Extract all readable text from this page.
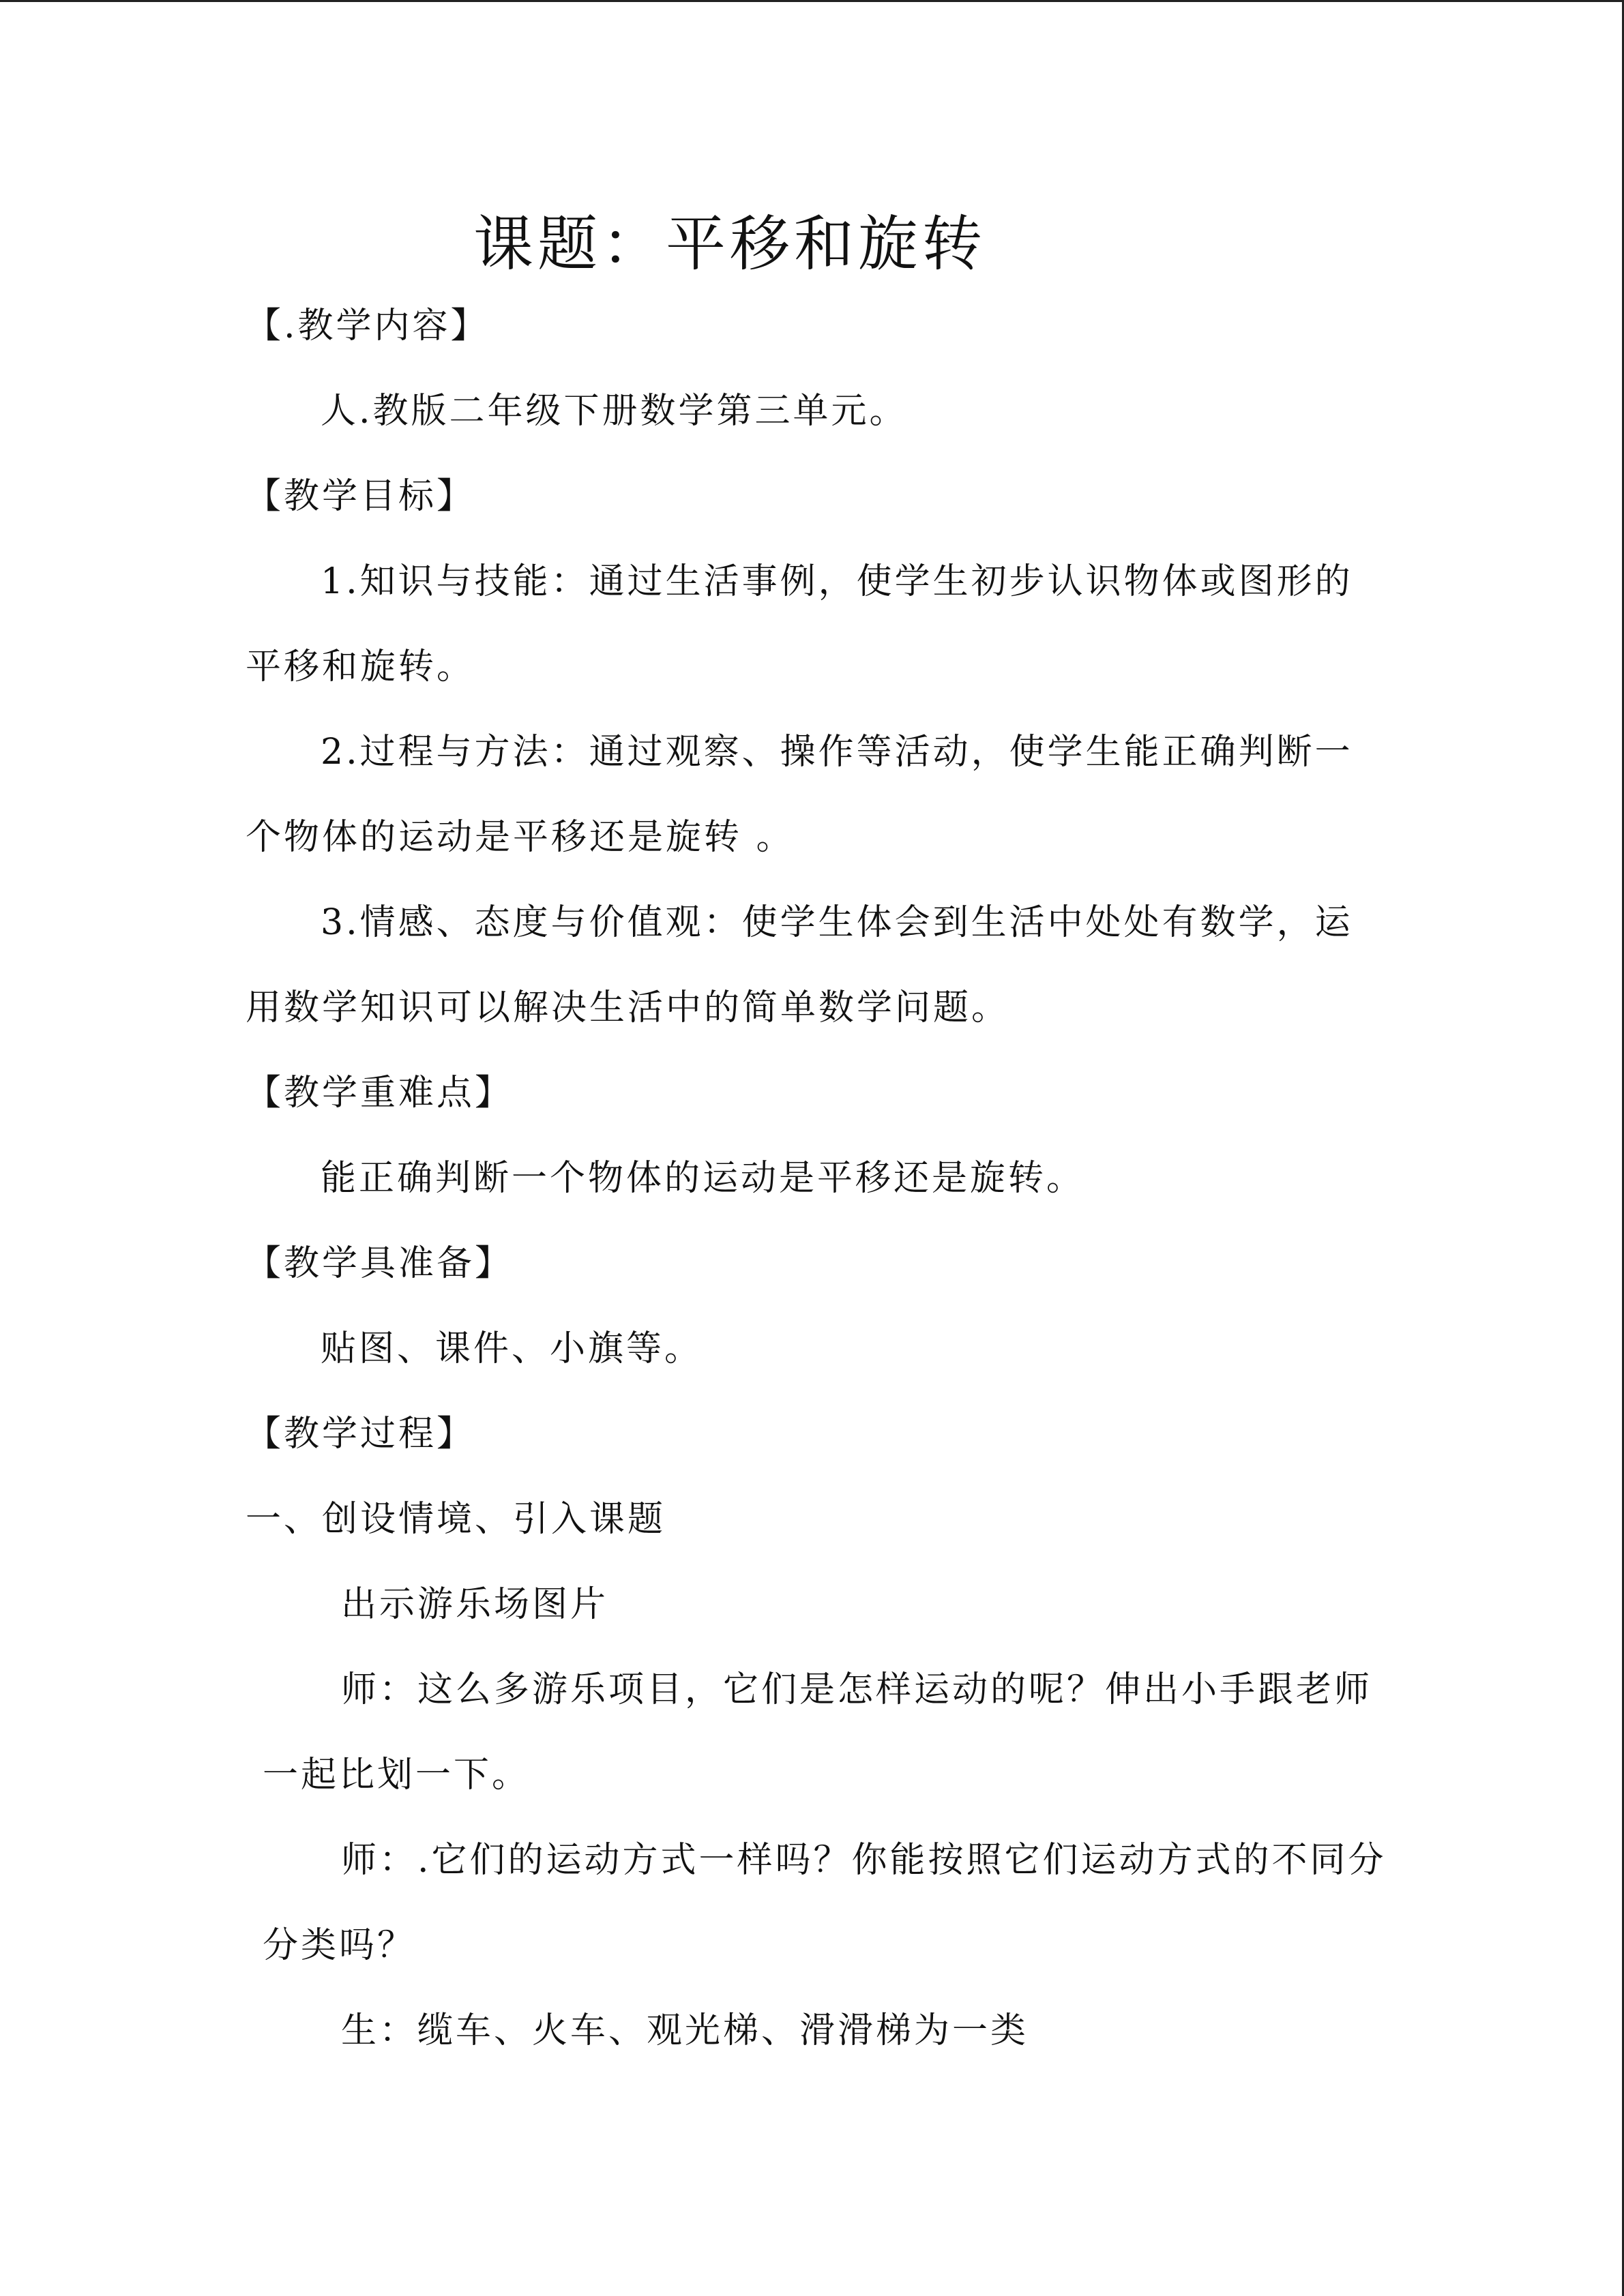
课题：平移和旋转
【.教学内容】
人.教版二年级下册数学第三单元。
【教学目标】
1.知识与技能：通过生活事例，使学生初步认识物体或图形的
平移和旋转。
2.过程与方法：通过观察、操作等活动，使学生能正确判断一
个物体的运动是平移还是旋转 。
3.情感、态度与价值观：使学生体会到生活中处处有数学，运
用数学知识可以解决生活中的简单数学问题。
【教学重难点】
能正确判断一个物体的运动是平移还是旋转。
【教学具准备】
贴图、课件、小旗等。
【教学过程】
一、创设情境、引入课题
出示游乐场图片
师：这么多游乐项目，它们是怎样运动的呢？伸出小手跟老师
一起比划一下。
师：.它们的运动方式一样吗？你能按照它们运动方式的不同分
分类吗？
生：缆车、火车、观光梯、滑滑梯为一类
